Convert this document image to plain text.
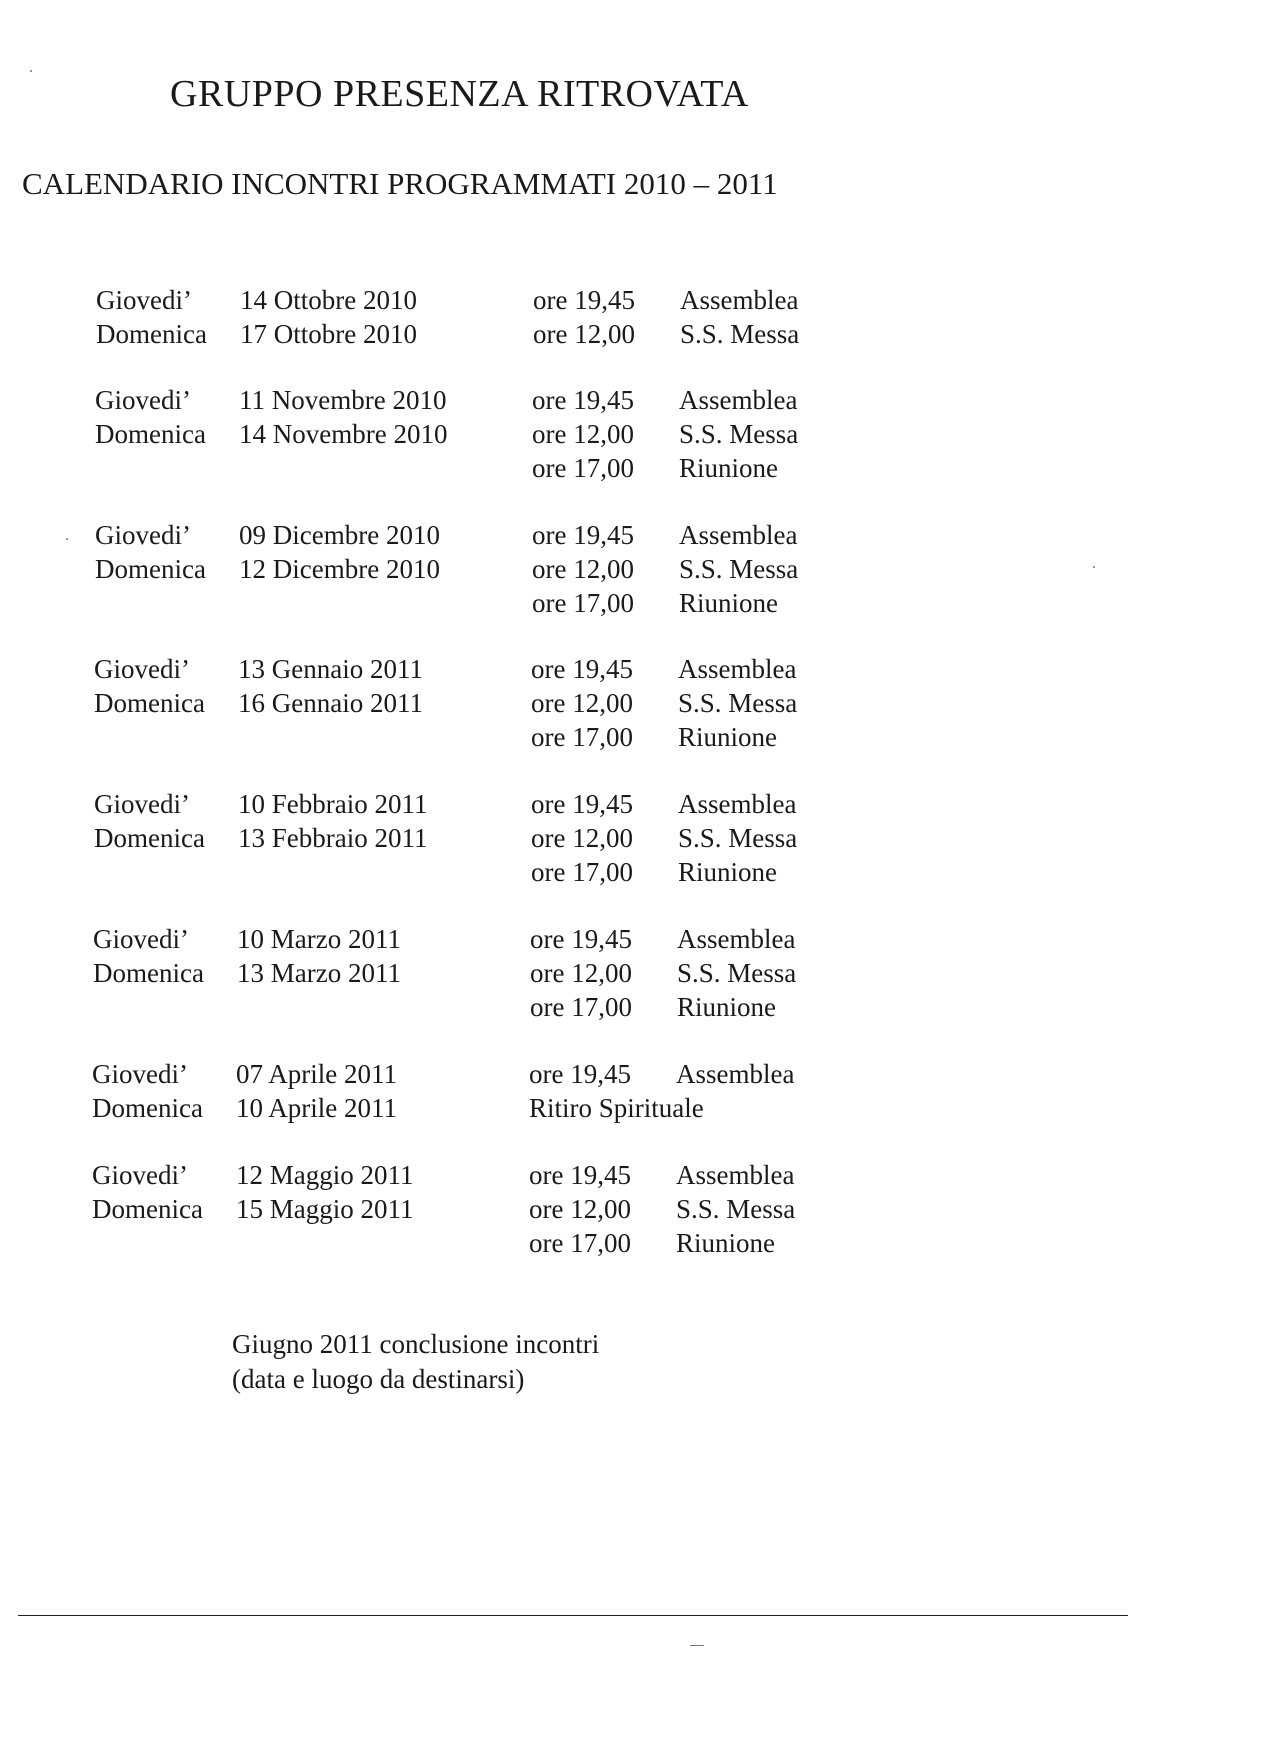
GRUPPO PRESENZA RITROVATA
CALENDARIO INCONTRI PROGRAMMATI 2010 – 2011
Giovedi’ 14 Ottobre 2010	ore 19,45 Assemblea
Domenica 17 Ottobre 2010	ore 12,00 S.S. Messa
Giovedi’ 11 Novembre 2010	ore 19,45 Assemblea
Domenica 14 Novembre 2010	ore 12,00 S.S. Messa
ore 17,00 Riunione
Giovedi’ 09 Dicembre 2010	ore 19,45 Assemblea
Domenica 12 Dicembre 2010	ore 12,00 S.S. Messa
ore 17,00 Riunione
Giovedi’ 13 Gennaio 2011	ore 19,45 Assemblea
Domenica 16 Gennaio 2011	ore 12,00 S.S. Messa
ore 17,00 Riunione
Giovedi’ 10 Febbraio 2011	ore 19,45 Assemblea
Domenica 13 Febbraio 2011	ore 12,00 S.S. Messa
ore 17,00 Riunione
Giovedi’ 10 Marzo 2011	ore 19,45 Assemblea
Domenica 13 Marzo 2011	ore 12,00 S.S. Messa
ore 17,00 Riunione
Giovedi’ 07 Aprile 2011	ore 19,45 Assemblea
Domenica 10 Aprile 2011	Ritiro Spirituale
Giovedi’ 12 Maggio 2011	ore 19,45 Assemblea
Domenica 15 Maggio 2011	ore 12,00 S.S. Messa
ore 17,00 Riunione
Giugno 2011 conclusione incontri
(data e luogo da destinarsi)
